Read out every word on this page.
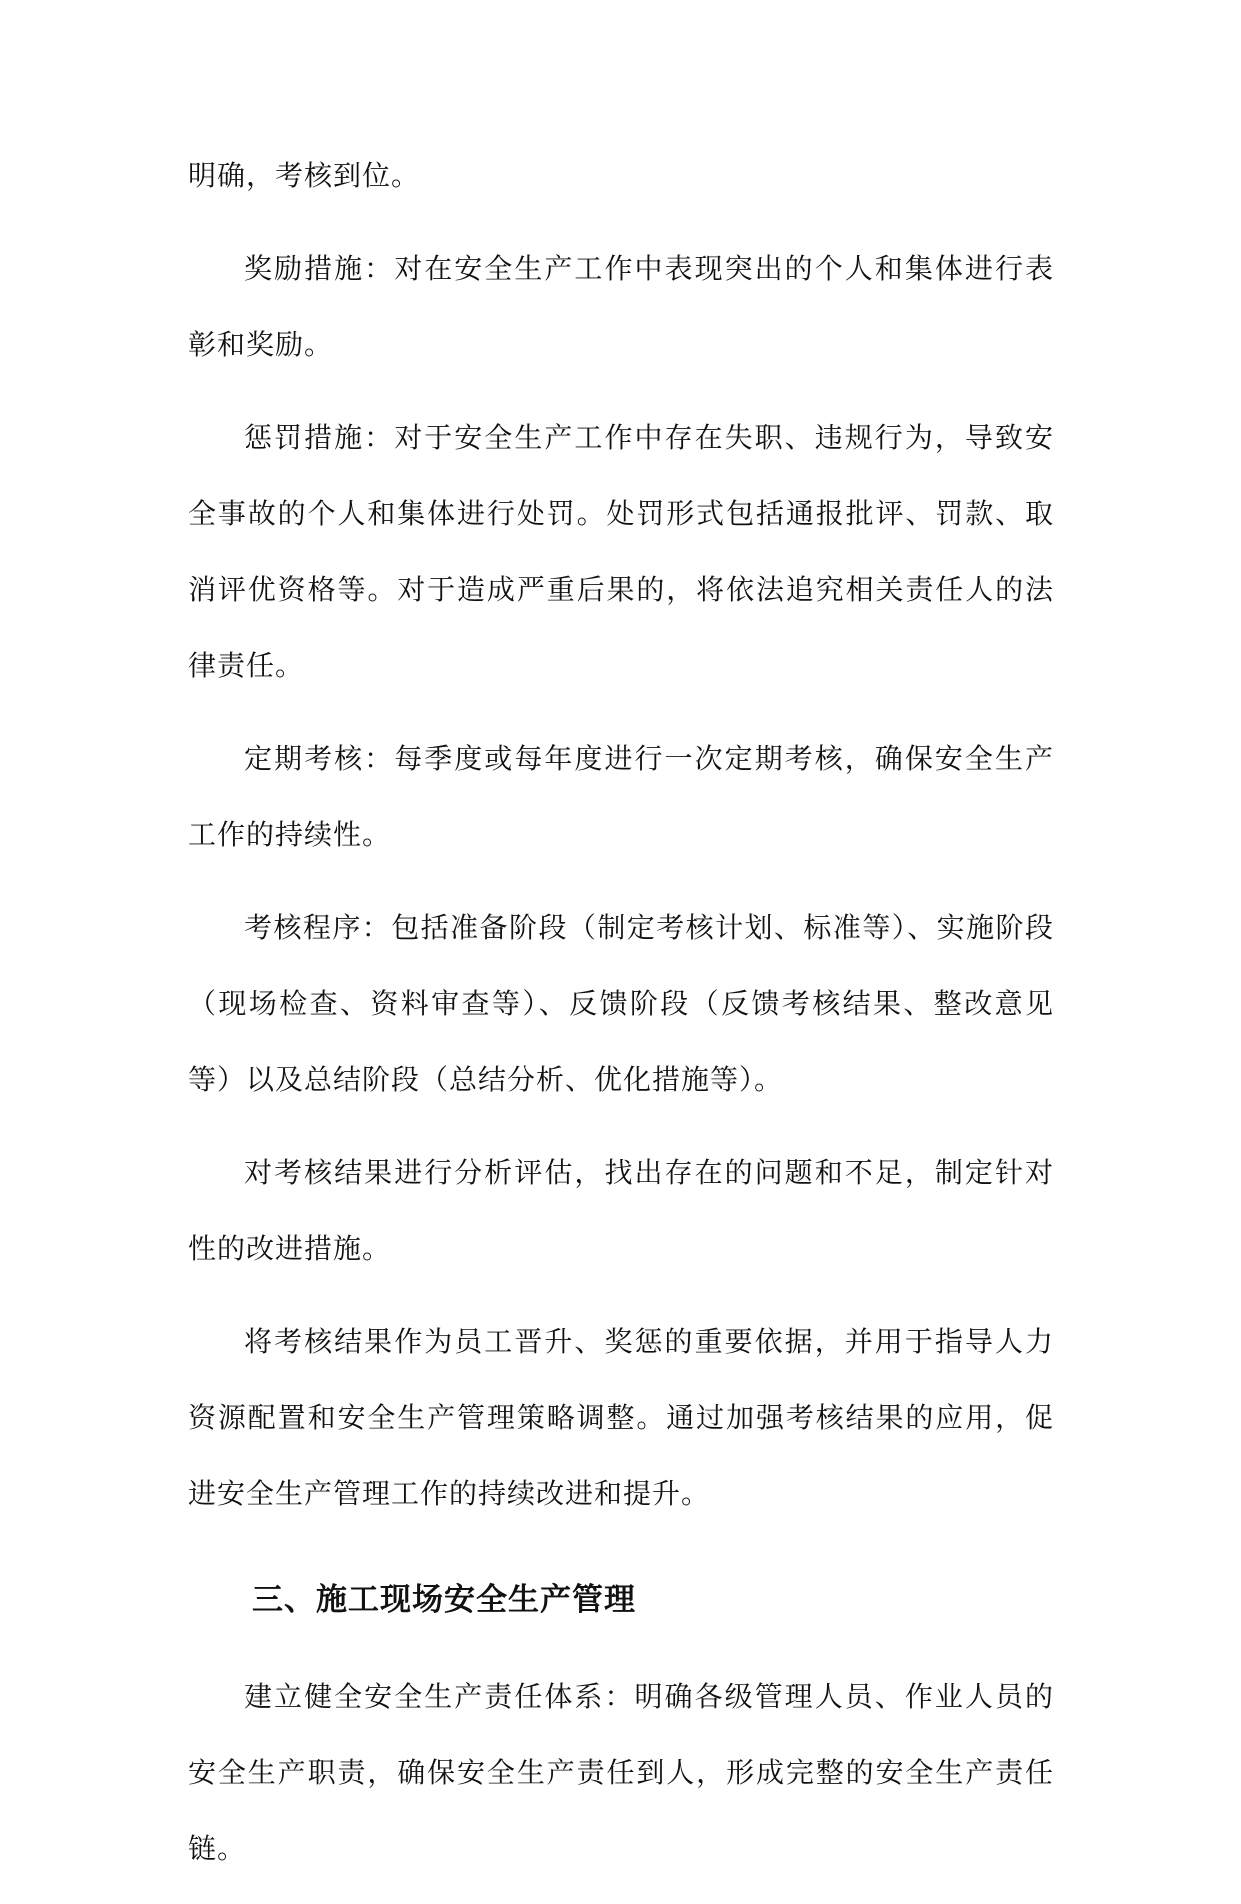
明确，考核到位。

奖励措施：对在安全生产工作中表现突出的个人和集体进行表彰和奖励。

惩罚措施：对于安全生产工作中存在失职、违规行为，导致安全事故的个人和集体进行处罚。处罚形式包括通报批评、罚款、取消评优资格等。对于造成严重后果的，将依法追究相关责任人的法律责任。

定期考核：每季度或每年度进行一次定期考核，确保安全生产工作的持续性。

考核程序：包括准备阶段（制定考核计划、标准等）、实施阶段（现场检查、资料审查等）、反馈阶段（反馈考核结果、整改意见等）以及总结阶段（总结分析、优化措施等）。

对考核结果进行分析评估，找出存在的问题和不足，制定针对性的改进措施。

将考核结果作为员工晋升、奖惩的重要依据，并用于指导人力资源配置和安全生产管理策略调整。通过加强考核结果的应用，促进安全生产管理工作的持续改进和提升。

三、施工现场安全生产管理

建立健全安全生产责任体系：明确各级管理人员、作业人员的安全生产职责，确保安全生产责任到人，形成完整的安全生产责任链。
